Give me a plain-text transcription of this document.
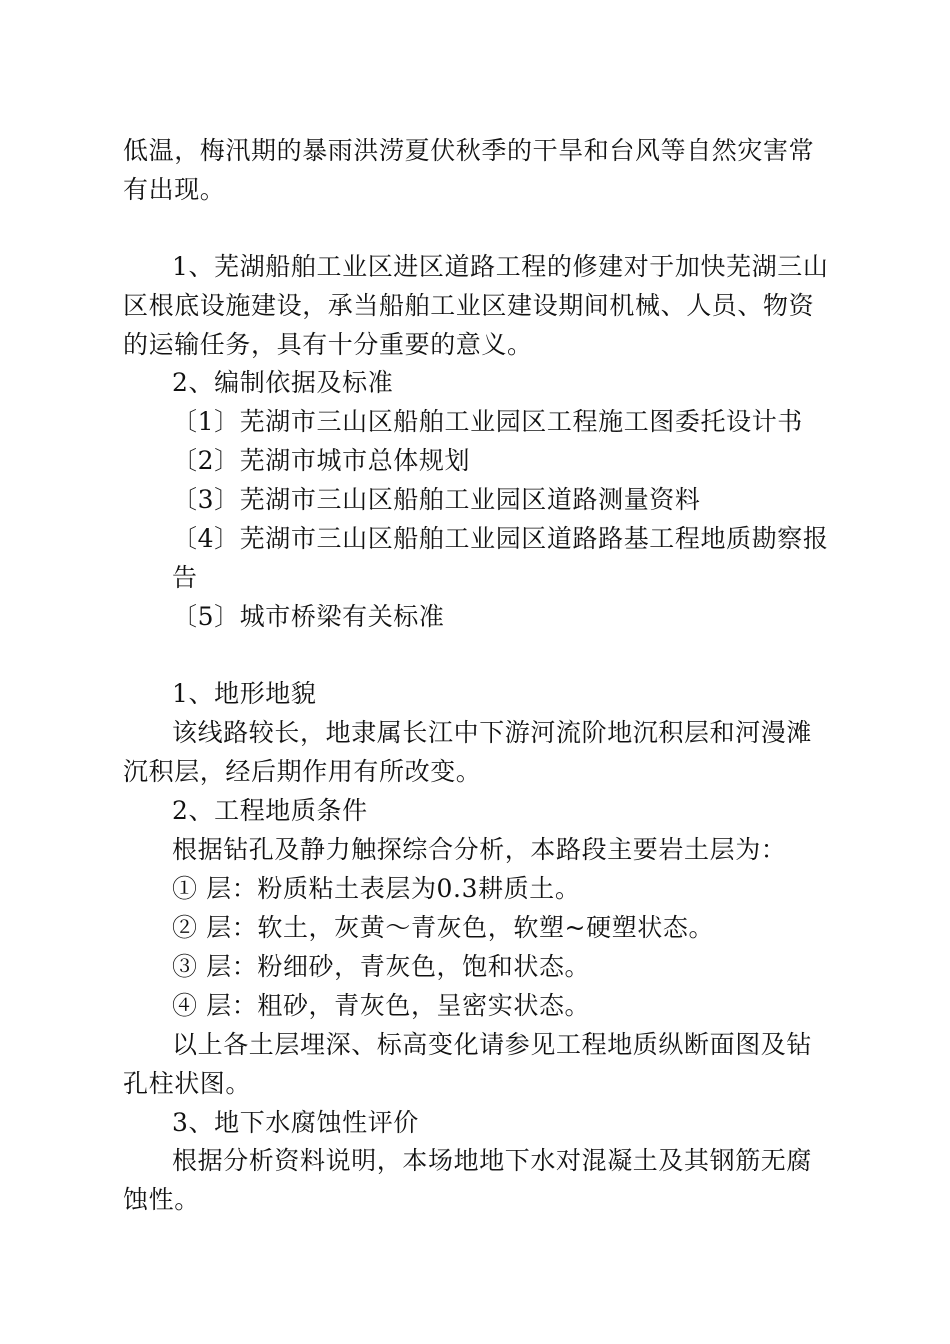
低温，梅汛期的暴雨洪涝夏伏秋季的干旱和台风等自然灾害常
有出现。
1、芜湖船舶工业区进区道路工程的修建对于加快芜湖三山
区根底设施建设，承当船舶工业区建设期间机械、人员、物资
的运输任务，具有十分重要的意义。
2、编制依据及标准
〔1〕芜湖市三山区船舶工业园区工程施工图委托设计书
〔2〕芜湖市城市总体规划
〔3〕芜湖市三山区船舶工业园区道路测量资料
〔4〕芜湖市三山区船舶工业园区道路路基工程地质勘察报
告
〔5〕城市桥梁有关标准
1、地形地貌
该线路较长，地隶属长江中下游河流阶地沉积层和河漫滩
沉积层，经后期作用有所改变。
2、工程地质条件
根据钻孔及静力触探综合分析，本路段主要岩土层为：
① 层：粉质粘土表层为0.3耕质土。
② 层：软土，灰黄～青灰色，软塑~硬塑状态。
③ 层：粉细砂，青灰色，饱和状态。
④ 层：粗砂，青灰色，呈密实状态。
以上各土层埋深、标高变化请参见工程地质纵断面图及钻
孔柱状图。
3、地下水腐蚀性评价
根据分析资料说明，本场地地下水对混凝土及其钢筋无腐
蚀性。
